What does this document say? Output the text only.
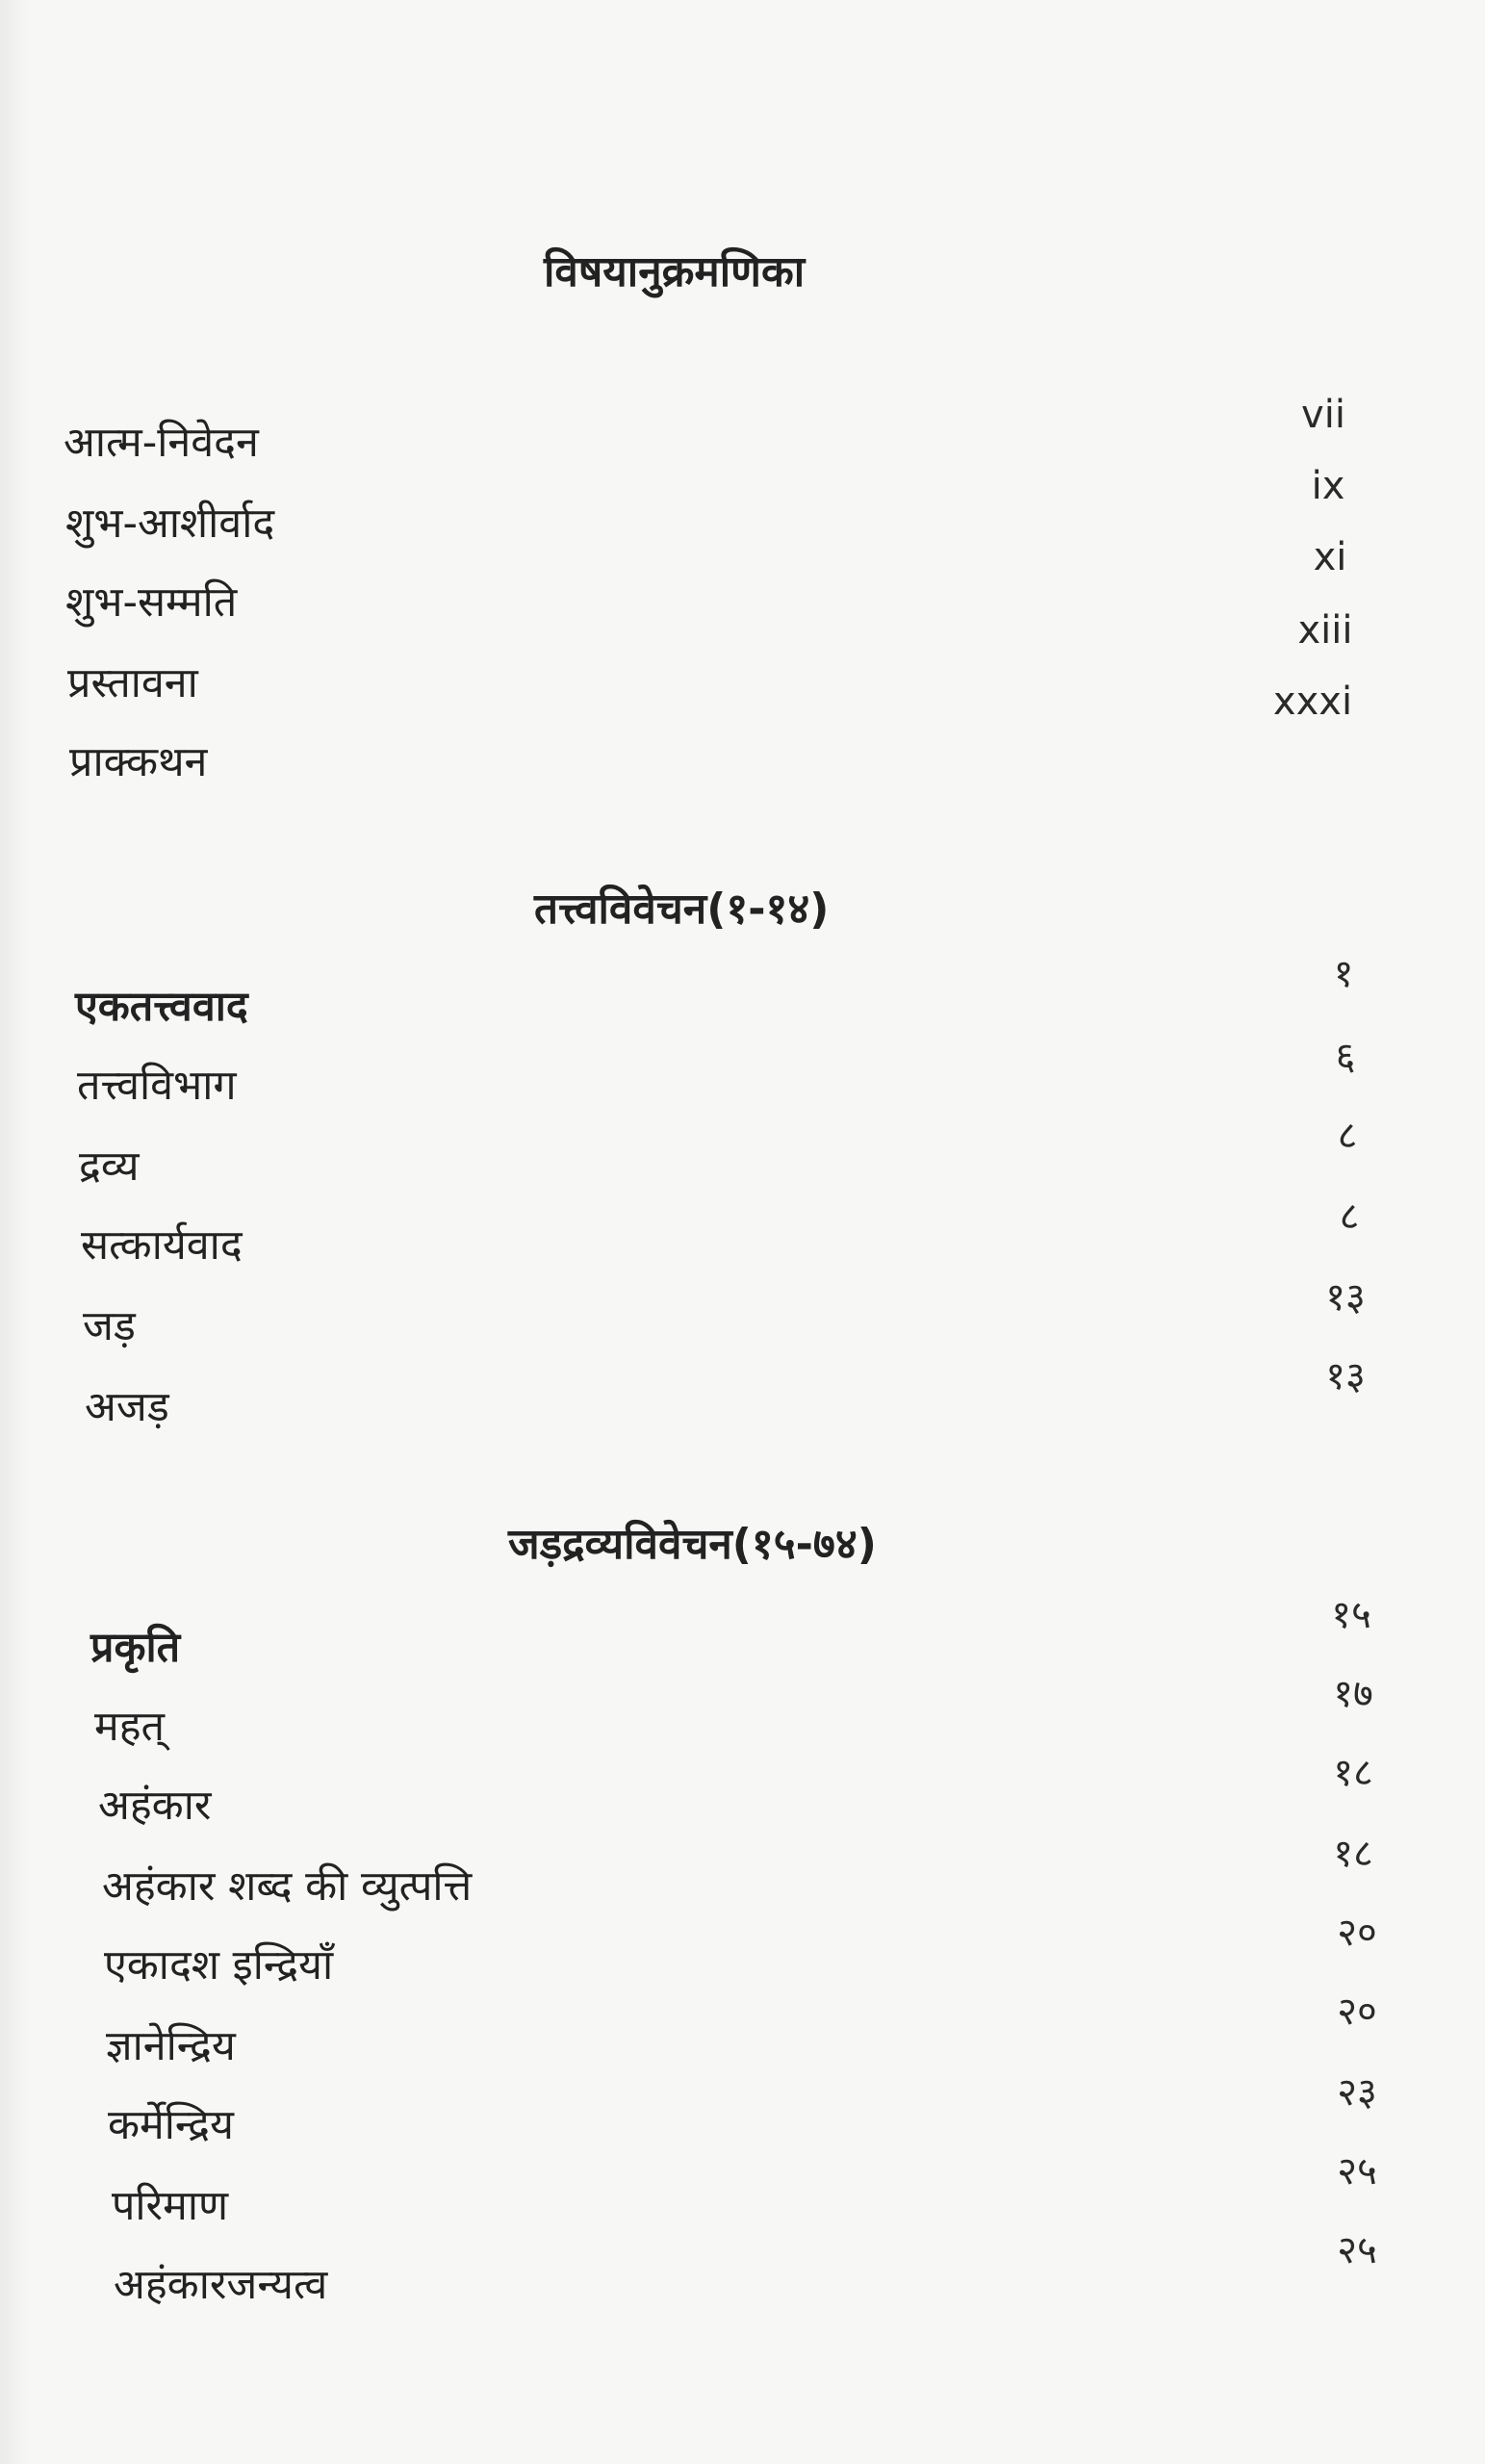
विषयानुक्रमणिका
आत्म-निवेदन
शुभ-आशीर्वाद
शुभ-सम्मति
प्रस्तावना
प्राक्कथन
vii
ix
xi
xiii
xxxi
तत्त्वविवेचन(१-१४)
एकतत्त्ववाद
तत्त्वविभाग
द्रव्य
सत्कार्यवाद
जड़
अजड़
१
६
८
८
१३
१३
जड़द्रव्यविवेचन(१५-७४)
प्रकृति
महत्
अहंकार
अहंकार शब्द की व्युत्पत्ति
एकादश इन्द्रियाँ
ज्ञानेन्द्रिय
कर्मेन्द्रिय
परिमाण
अहंकारजन्यत्व
१५
१७
१८
१८
२०
२०
२३
२५
२५
